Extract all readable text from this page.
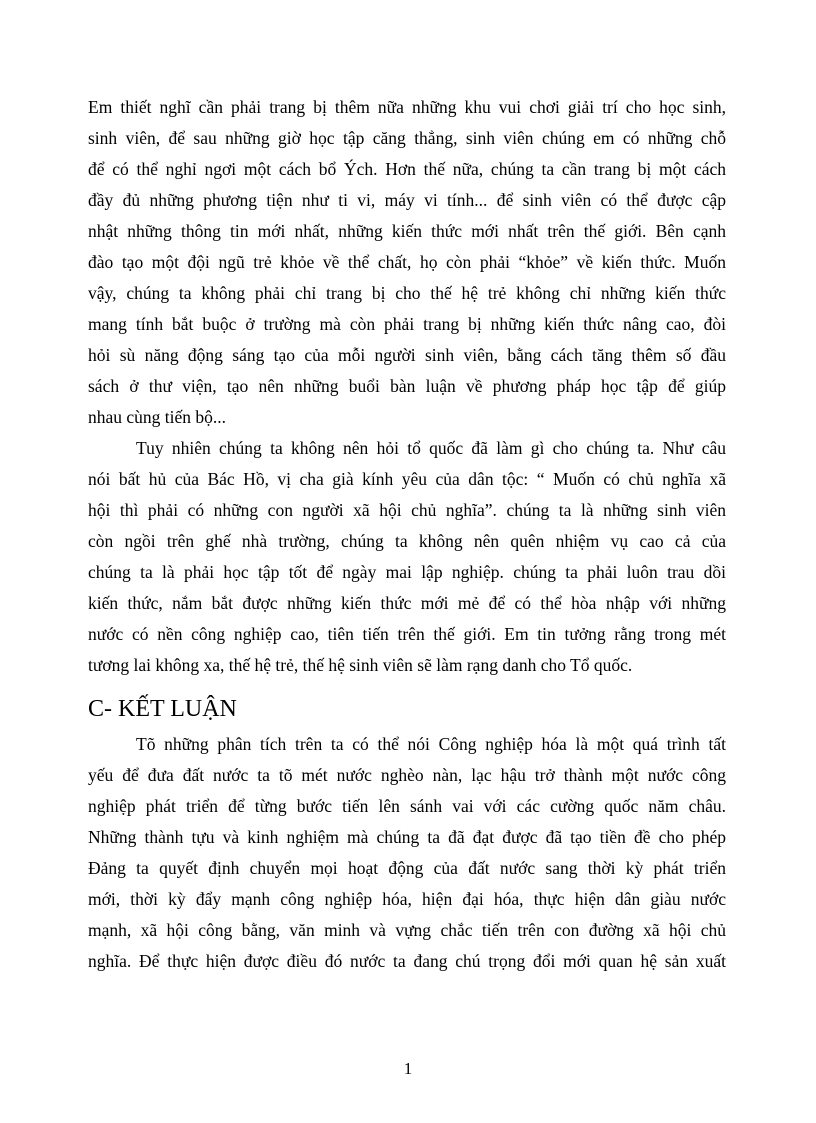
Em thiết nghĩ cần phải trang bị thêm nữa những khu vui chơi giải trí cho học sinh,
sinh viên, để sau những giờ học tập căng thẳng, sinh viên chúng em có những chỗ
để có thể nghỉ ngơi một cách bổ Ých. Hơn thế nữa, chúng ta cần trang bị một cách
đầy đủ những phương tiện như ti vi, máy vi tính... để sinh viên có thể được cập
nhật những thông tin mới nhất, những kiến thức mới nhất trên thế giới. Bên cạnh
đào tạo một đội ngũ trẻ khỏe về thể chất, họ còn phải “khỏe” về kiến thức. Muốn
vậy, chúng ta không phải chỉ trang bị cho thế hệ trẻ không chỉ những kiến thức
mang tính bắt buộc ở trường mà còn phải trang bị những kiến thức nâng cao, đòi
hỏi sù năng động sáng tạo của mỗi người sinh viên, bằng cách tăng thêm số đầu
sách ở thư viện, tạo nên những buổi bàn luận về phương pháp học tập để giúp
nhau cùng tiến bộ...
Tuy nhiên chúng ta không nên hỏi tổ quốc đã làm gì cho chúng ta. Như câu
nói bất hủ của Bác Hồ, vị cha già kính yêu của dân tộc: “ Muốn có chủ nghĩa xã
hội thì phải có những con người xã hội chủ nghĩa”. chúng ta là những sinh viên
còn ngồi trên ghế nhà trường, chúng ta không nên quên nhiệm vụ cao cả của
chúng ta là phải học tập tốt để ngày mai lập nghiệp. chúng ta phải luôn trau dồi
kiến thức, nắm bắt được những kiến thức mới mẻ để có thể hòa nhập với những
nước có nền công nghiệp cao, tiên tiến trên thế giới. Em tin tưởng rằng trong mét
tương lai không xa, thế hệ trẻ, thế hệ sinh viên sẽ làm rạng danh cho Tổ quốc.
C- KẾT LUẬN
Tõ những phân tích trên ta có thể nói Công nghiệp hóa là một quá trình tất
yếu để đưa đất nước ta tõ mét nước nghèo nàn, lạc hậu trở thành một nước công
nghiệp phát triển để từng bước tiến lên sánh vai với các cường quốc năm châu.
Những thành tựu và kinh nghiệm mà chúng ta đã đạt được đã tạo tiền đề cho phép
Đảng ta quyết định chuyển mọi hoạt động của đất nước sang thời kỳ phát triển
mới, thời kỳ đẩy mạnh công nghiệp hóa, hiện đại hóa, thực hiện dân giàu nước
mạnh, xã hội công bằng, văn minh và vựng chắc tiến trên con đường xã hội chủ
nghĩa. Để thực hiện được điều đó nước ta đang chú trọng đổi mới quan hệ sản xuất
1
